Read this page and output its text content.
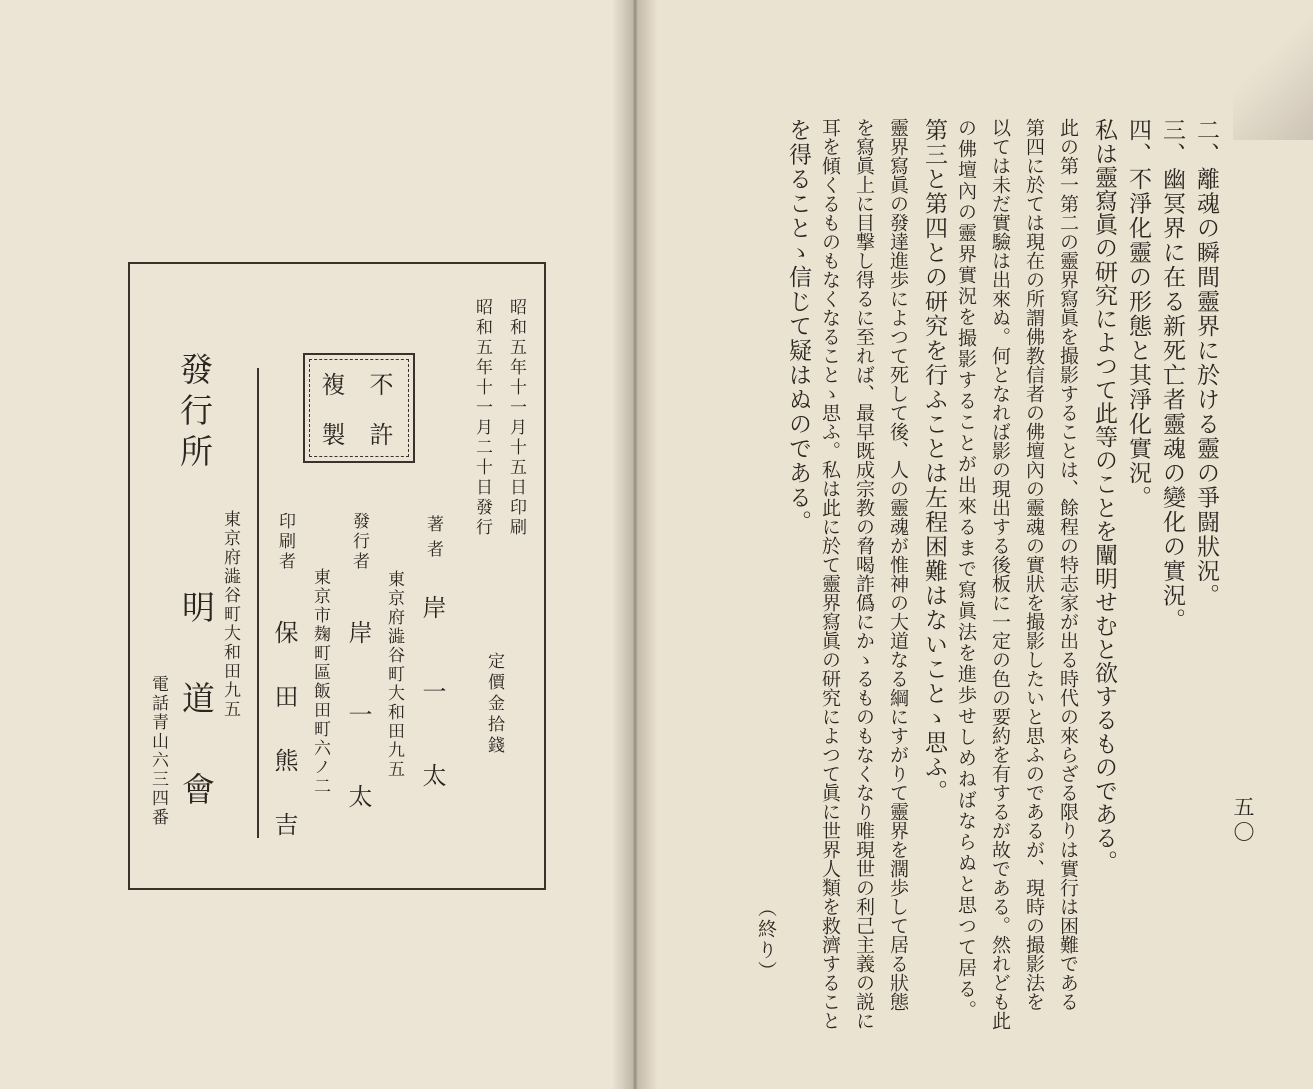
昭和五年十一月十五日印刷
昭和五年十一月二十日發行
定價金拾錢
不許
複製
著者
岸一太
東京府澁谷町大和田九五
發行者
岸一太
東京市麹町區飯田町六ノ二
印刷者
保田熊吉
發行所
東京府澁谷町大和田九五
明道會
電話青山六三四番
二、離魂の瞬間靈界に於ける靈の爭闘狀況。
三、幽冥界に在る新死亡者靈魂の變化の實況。
四、不淨化靈の形態と其淨化實況。
私は靈寫眞の研究によつて此等のことを闡明せむと欲するものである。
此の第一第二の靈界寫眞を撮影することは、餘程の特志家が出る時代の來らざる限りは實行は困難である
第四に於ては現在の所謂佛教信者の佛壇內の靈魂の實狀を撮影したいと思ふのであるが、現時の撮影法を
以ては未だ實驗は出來ぬ。何となれば影の現出する後板に一定の色の要約を有するが故である。然れども此
の佛壇內の靈界實況を撮影することが出來るまで寫眞法を進歩せしめねばならぬと思つて居る。
第三と第四との研究を行ふことは左程困難はないことゝ思ふ。
靈界寫眞の發達進歩によつて死して後、人の靈魂が惟神の大道なる綱にすがりて靈界を濶歩して居る狀態
を寫眞上に目撃し得るに至れば、最早既成宗教の脅喝詐僞にかゝるものもなくなり唯現世の利己主義の説に
耳を傾くるものもなくなることゝ思ふ。私は此に於て靈界寫眞の研究によつて眞に世界人類を救濟すること
を得ることゝ信じて疑はぬのである。
（終り）
五〇
